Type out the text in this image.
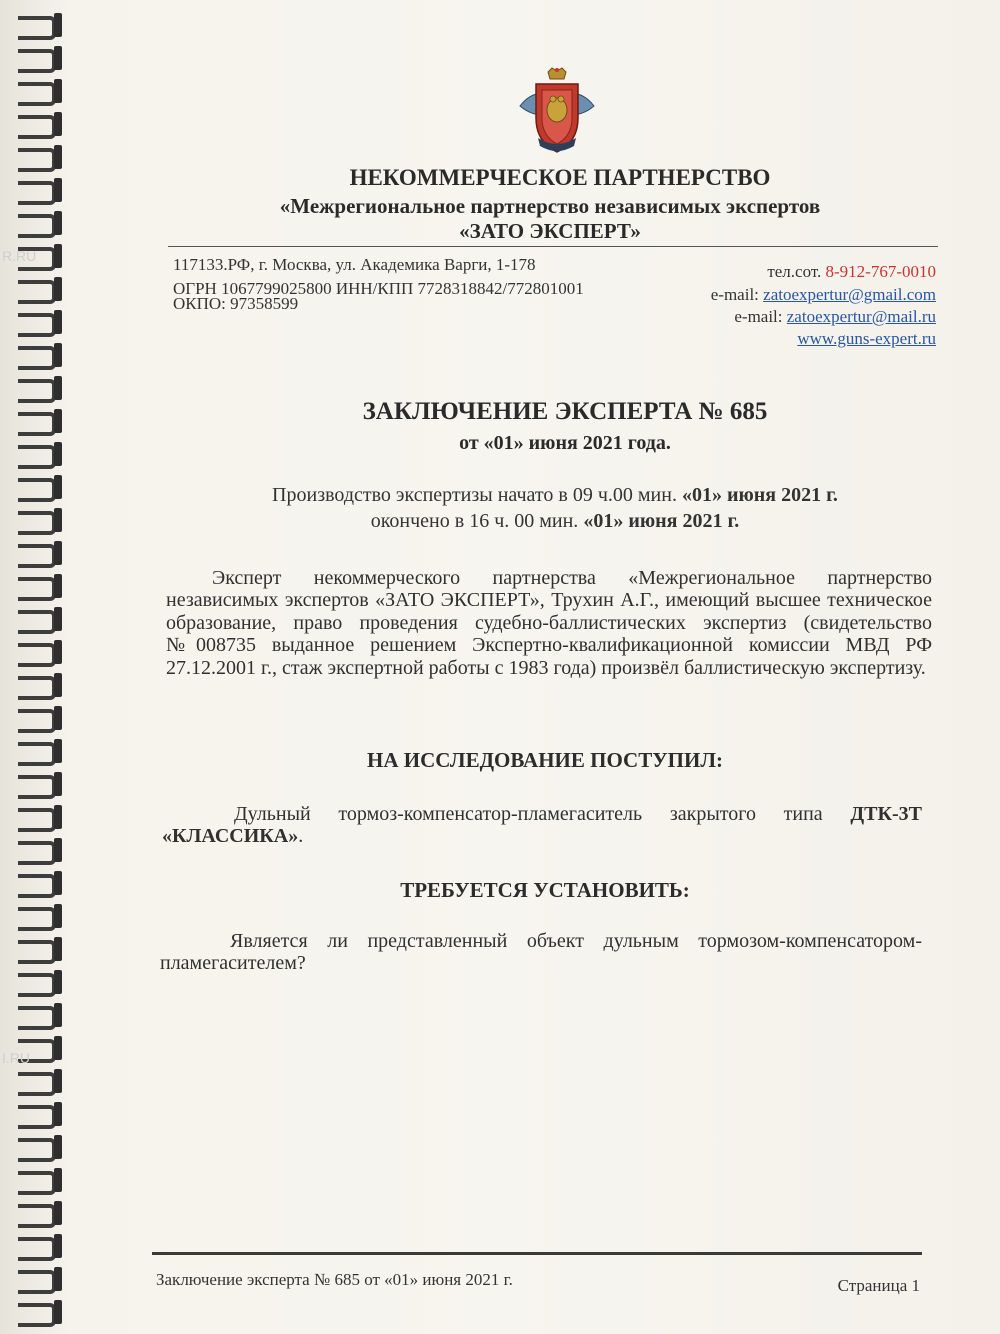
R.RU
I.RU
НЕКОММЕРЧЕСКОЕ ПАРТНЕРСТВО
«Межрегиональное партнерство независимых экспертов
«ЗАТО ЭКСПЕРТ»
117133.РФ, г. Москва, ул. Академика Варги, 1-178
ОГРН 1067799025800 ИНН/КПП 7728318842/772801001
ОКПО: 97358599
тел.сот. 8-912-767-0010
e-mail: zatoexpertur@gmail.com
e-mail: zatoexpertur@mail.ru
www.guns-expert.ru
ЗАКЛЮЧЕНИЕ ЭКСПЕРТА № 685
от «01» июня 2021 года.
Производство экспертизы начато в 09 ч.00 мин. «01» июня 2021 г.
окончено в 16 ч. 00 мин. «01» июня 2021 г.
Эксперт некоммерческого партнерства «Межрегиональное партнерство независимых экспертов «ЗАТО ЭКСПЕРТ», Трухин А.Г., имеющий высшее техническое образование, право проведения судебно-баллистических экспертиз (свидетельство №008735 выданное решением Экспертно-квалификационной комиссии МВД РФ 27.12.2001 г., стаж экспертной работы с 1983 года) произвёл баллистическую экспертизу.
НА ИССЛЕДОВАНИЕ ПОСТУПИЛ:
Дульный тормоз-компенсатор-пламегаситель закрытого типа ДТК-3Т «КЛАССИКА».
ТРЕБУЕТСЯ УСТАНОВИТЬ:
Является ли представленный объект дульным тормозом-компенсатором-пламегасителем?
Заключение эксперта № 685 от «01» июня 2021 г.	Страница 1
